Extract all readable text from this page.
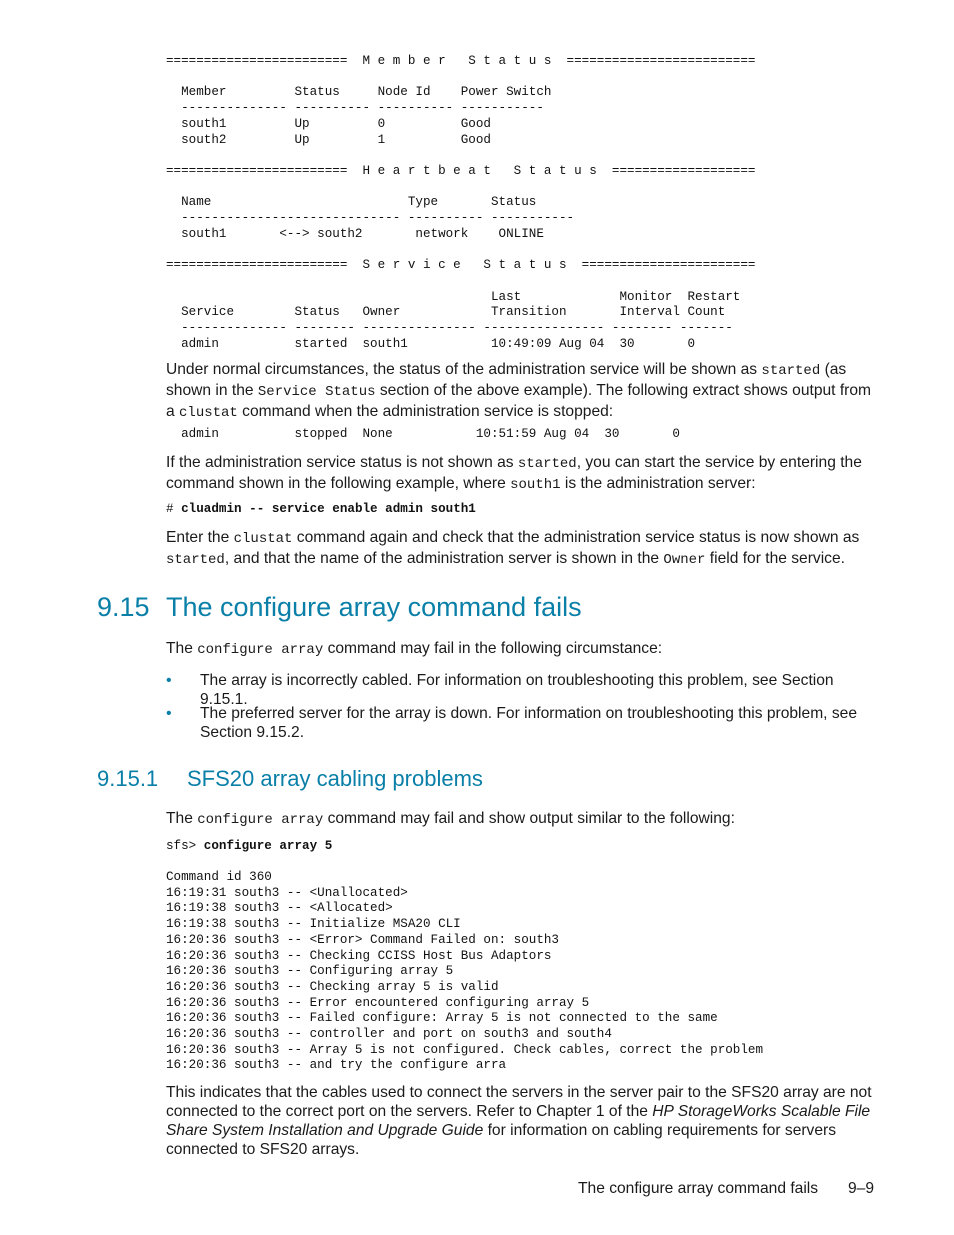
========================  M e m b e r   S t a t u s  =========================

Member         Status     Node Id    Power Switch
-------------- ---------- ---------- -----------
south1         Up         0          Good
south2         Up         1          Good

========================  H e a r t b e a t   S t a t u s  ===================

Name                          Type       Status
----------------------------- ---------- -----------
south1       <--> south2       network    ONLINE

========================  S e r v i c e   S t a t u s  =======================

Last             Monitor  Restart
Service        Status   Owner            Transition       Interval Count
-------------- -------- --------------- ---------------- -------- -------
admin          started  south1           10:49:09 Aug 04  30       0

Under normal circumstances, the status of the administration service will be shown as started (as shown in the Service Status section of the above example). The following extract shows output from a clustat command when the administration service is stopped:

admin          stopped  None           10:51:59 Aug 04  30       0

If the administration service status is not shown as started, you can start the service by entering the command shown in the following example, where south1 is the administration server:

# cluadmin -- service enable admin south1

Enter the clustat command again and check that the administration service status is now shown as started, and that the name of the administration server is shown in the Owner field for the service.

9.15 The configure array command fails

The configure array command may fail in the following circumstance:

• The array is incorrectly cabled. For information on troubleshooting this problem, see Section 9.15.1.
• The preferred server for the array is down. For information on troubleshooting this problem, see Section 9.15.2.
9.15.1 SFS20 array cabling problems

The configure array command may fail and show output similar to the following:

sfs> configure array 5
Command id 360
16:19:31 south3 -- <Unallocated>
16:19:38 south3 -- <Allocated>
16:19:38 south3 -- Initialize MSA20 CLI
16:20:36 south3 -- <Error> Command Failed on: south3
16:20:36 south3 -- Checking CCISS Host Bus Adaptors
16:20:36 south3 -- Configuring array 5
16:20:36 south3 -- Checking array 5 is valid
16:20:36 south3 -- Error encountered configuring array 5
16:20:36 south3 -- Failed configure: Array 5 is not connected to the same
16:20:36 south3 -- controller and port on south3 and south4
16:20:36 south3 -- Array 5 is not configured. Check cables, correct the problem
16:20:36 south3 -- and try the configure arra

This indicates that the cables used to connect the servers in the server pair to the SFS20 array are not connected to the correct port on the servers. Refer to Chapter 1 of the HP StorageWorks Scalable File Share System Installation and Upgrade Guide for information on cabling requirements for servers connected to SFS20 arrays.

The configure array command fails 9–9
